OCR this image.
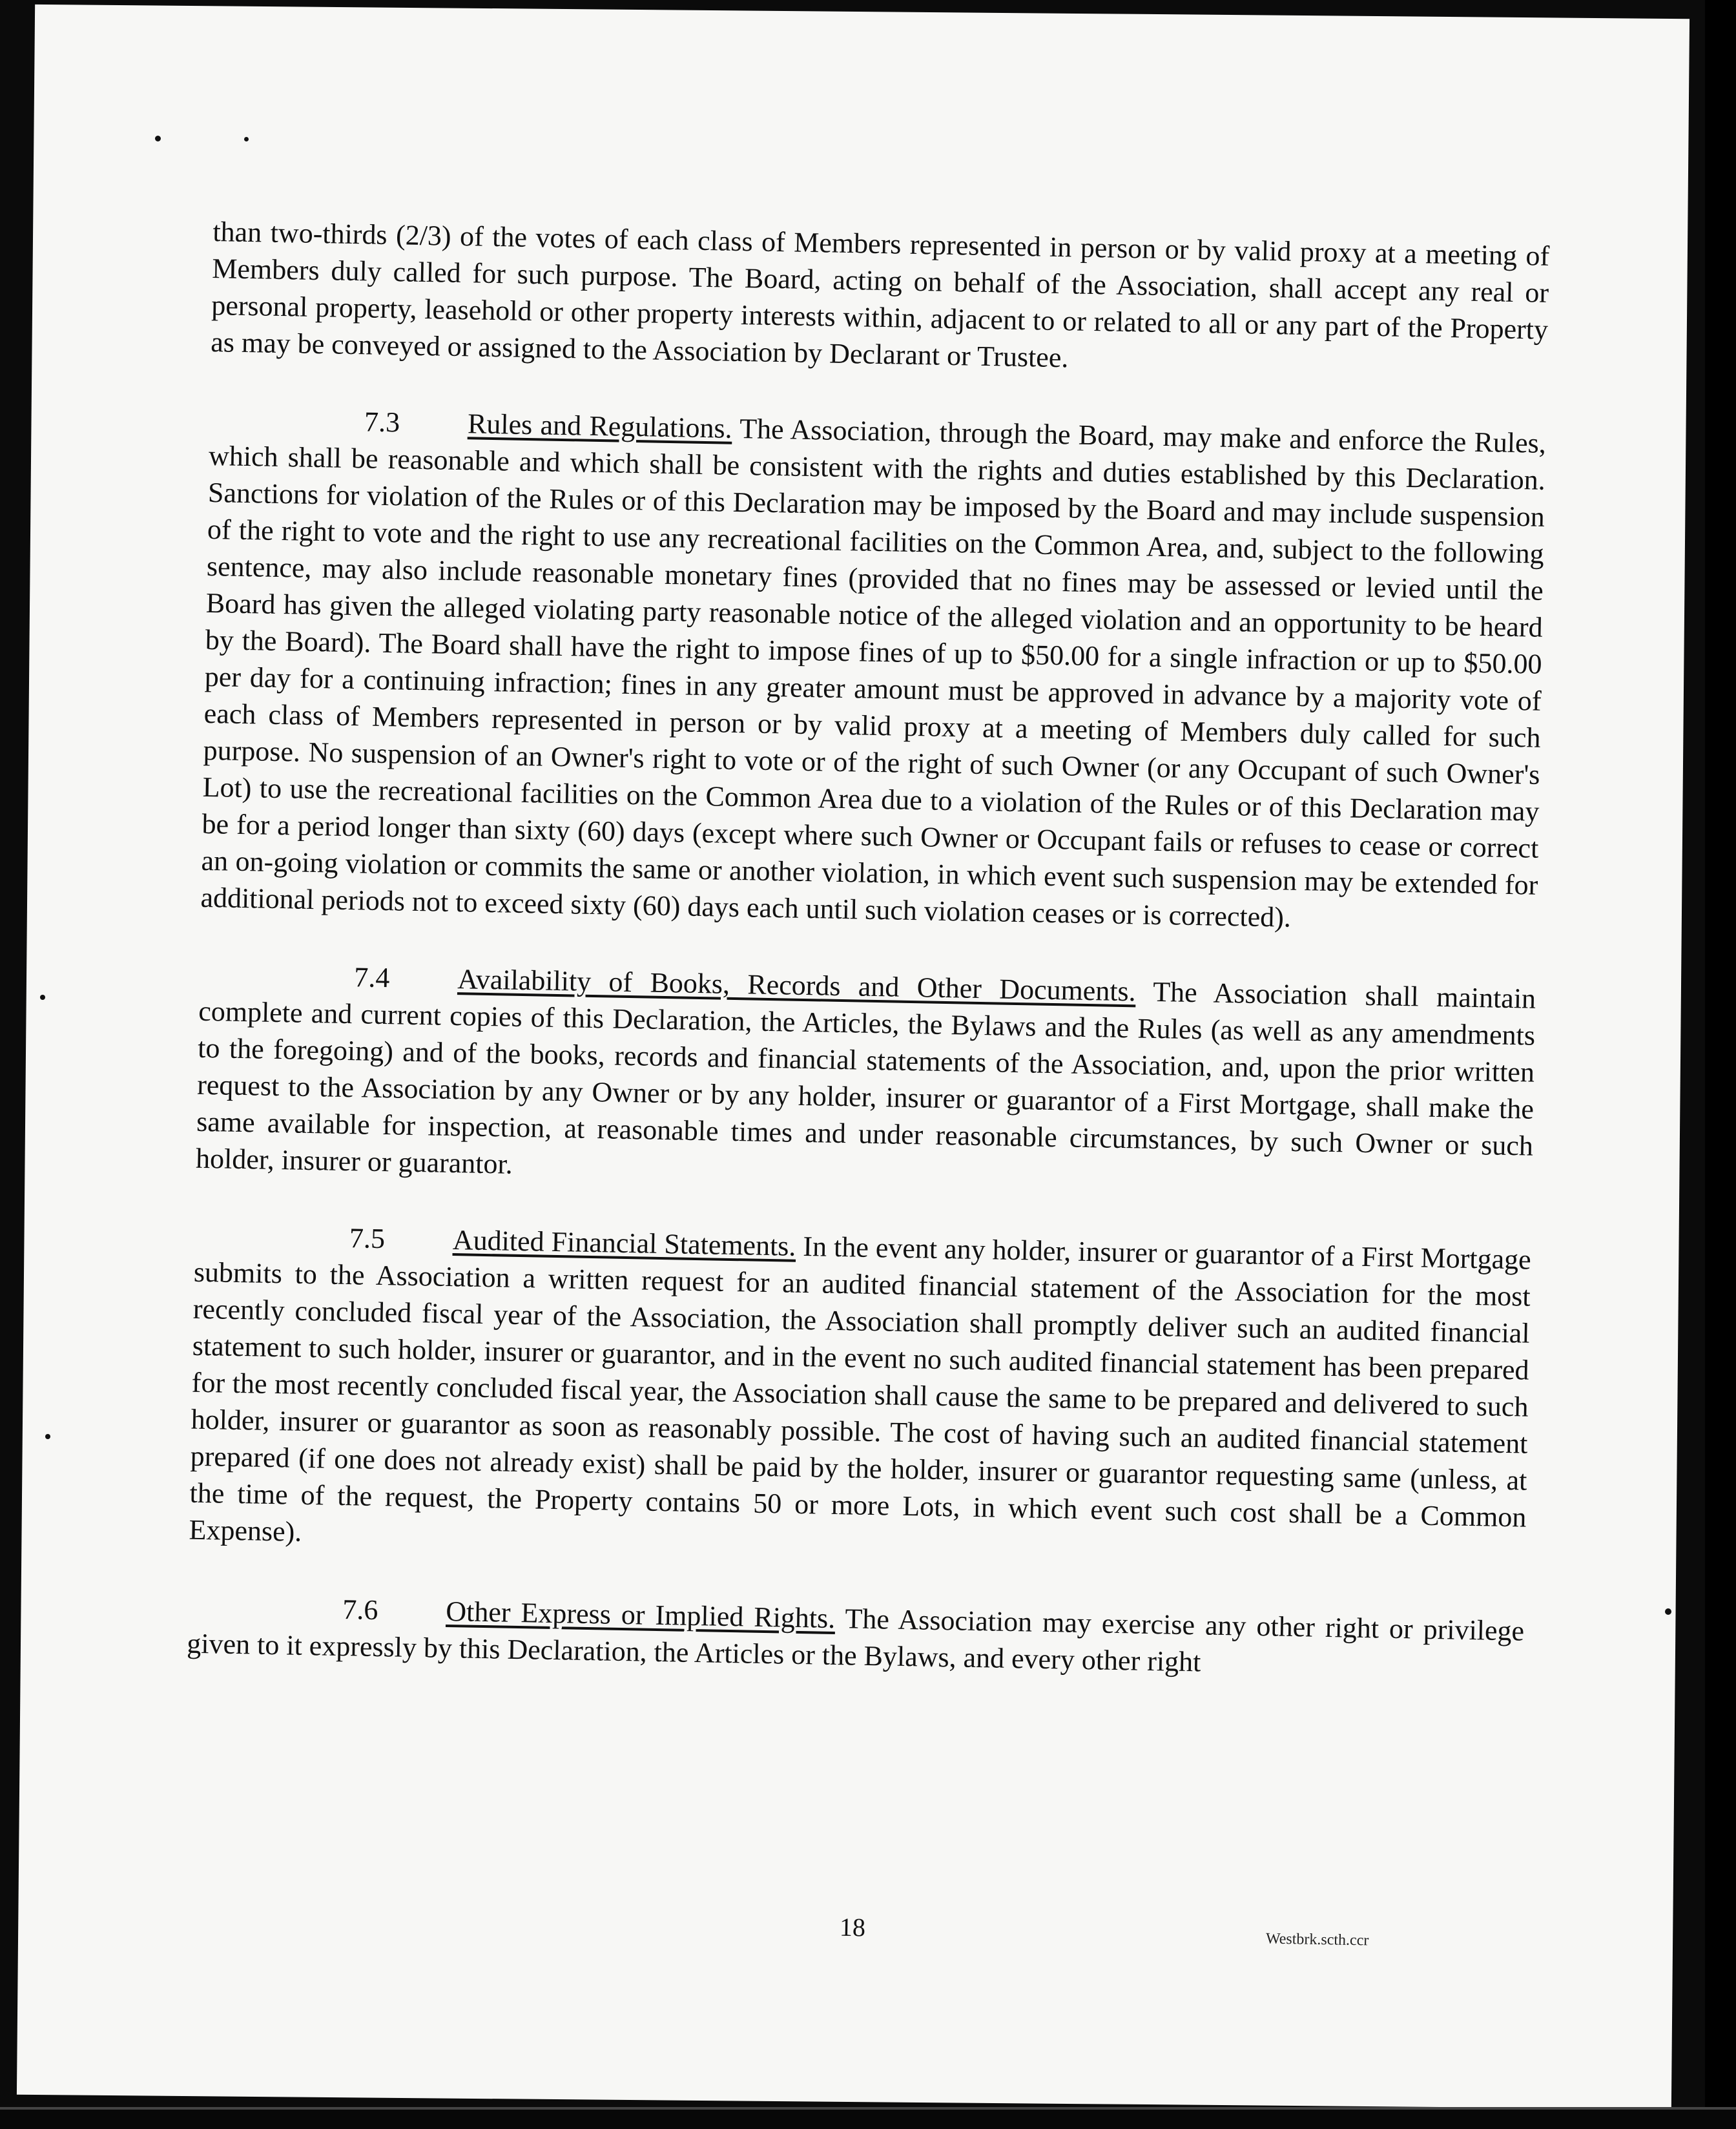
than two-thirds (2/3) of the votes of each class of Members represented in person or by valid proxy at a meeting of Members duly called for such purpose. The Board, acting on behalf of the Association, shall accept any real or personal property, leasehold or other property interests within, adjacent to or related to all or any part of the Property as may be conveyed or assigned to the Association by Declarant or Trustee.

7.3 Rules and Regulations. The Association, through the Board, may make and enforce the Rules, which shall be reasonable and which shall be consistent with the rights and duties established by this Declaration. Sanctions for violation of the Rules or of this Declaration may be imposed by the Board and may include suspension of the right to vote and the right to use any recreational facilities on the Common Area, and, subject to the following sentence, may also include reasonable monetary fines (provided that no fines may be assessed or levied until the Board has given the alleged violating party reasonable notice of the alleged violation and an opportunity to be heard by the Board). The Board shall have the right to impose fines of up to $50.00 for a single infraction or up to $50.00 per day for a continuing infraction; fines in any greater amount must be approved in advance by a majority vote of each class of Members represented in person or by valid proxy at a meeting of Members duly called for such purpose. No suspension of an Owner's right to vote or of the right of such Owner (or any Occupant of such Owner's Lot) to use the recreational facilities on the Common Area due to a violation of the Rules or of this Declaration may be for a period longer than sixty (60) days (except where such Owner or Occupant fails or refuses to cease or correct an on-going violation or commits the same or another violation, in which event such suspension may be extended for additional periods not to exceed sixty (60) days each until such violation ceases or is corrected).

7.4 Availability of Books, Records and Other Documents. The Association shall maintain complete and current copies of this Declaration, the Articles, the Bylaws and the Rules (as well as any amendments to the foregoing) and of the books, records and financial statements of the Association, and, upon the prior written request to the Association by any Owner or by any holder, insurer or guarantor of a First Mortgage, shall make the same available for inspection, at reasonable times and under reasonable circumstances, by such Owner or such holder, insurer or guarantor.

7.5 Audited Financial Statements. In the event any holder, insurer or guarantor of a First Mortgage submits to the Association a written request for an audited financial statement of the Association for the most recently concluded fiscal year of the Association, the Association shall promptly deliver such an audited financial statement to such holder, insurer or guarantor, and in the event no such audited financial statement has been prepared for the most recently concluded fiscal year, the Association shall cause the same to be prepared and delivered to such holder, insurer or guarantor as soon as reasonably possible. The cost of having such an audited financial statement prepared (if one does not already exist) shall be paid by the holder, insurer or guarantor requesting same (unless, at the time of the request, the Property contains 50 or more Lots, in which event such cost shall be a Common Expense).

7.6 Other Express or Implied Rights. The Association may exercise any other right or privilege given to it expressly by this Declaration, the Articles or the Bylaws, and every other right

18	Westbrk.scth.ccr
